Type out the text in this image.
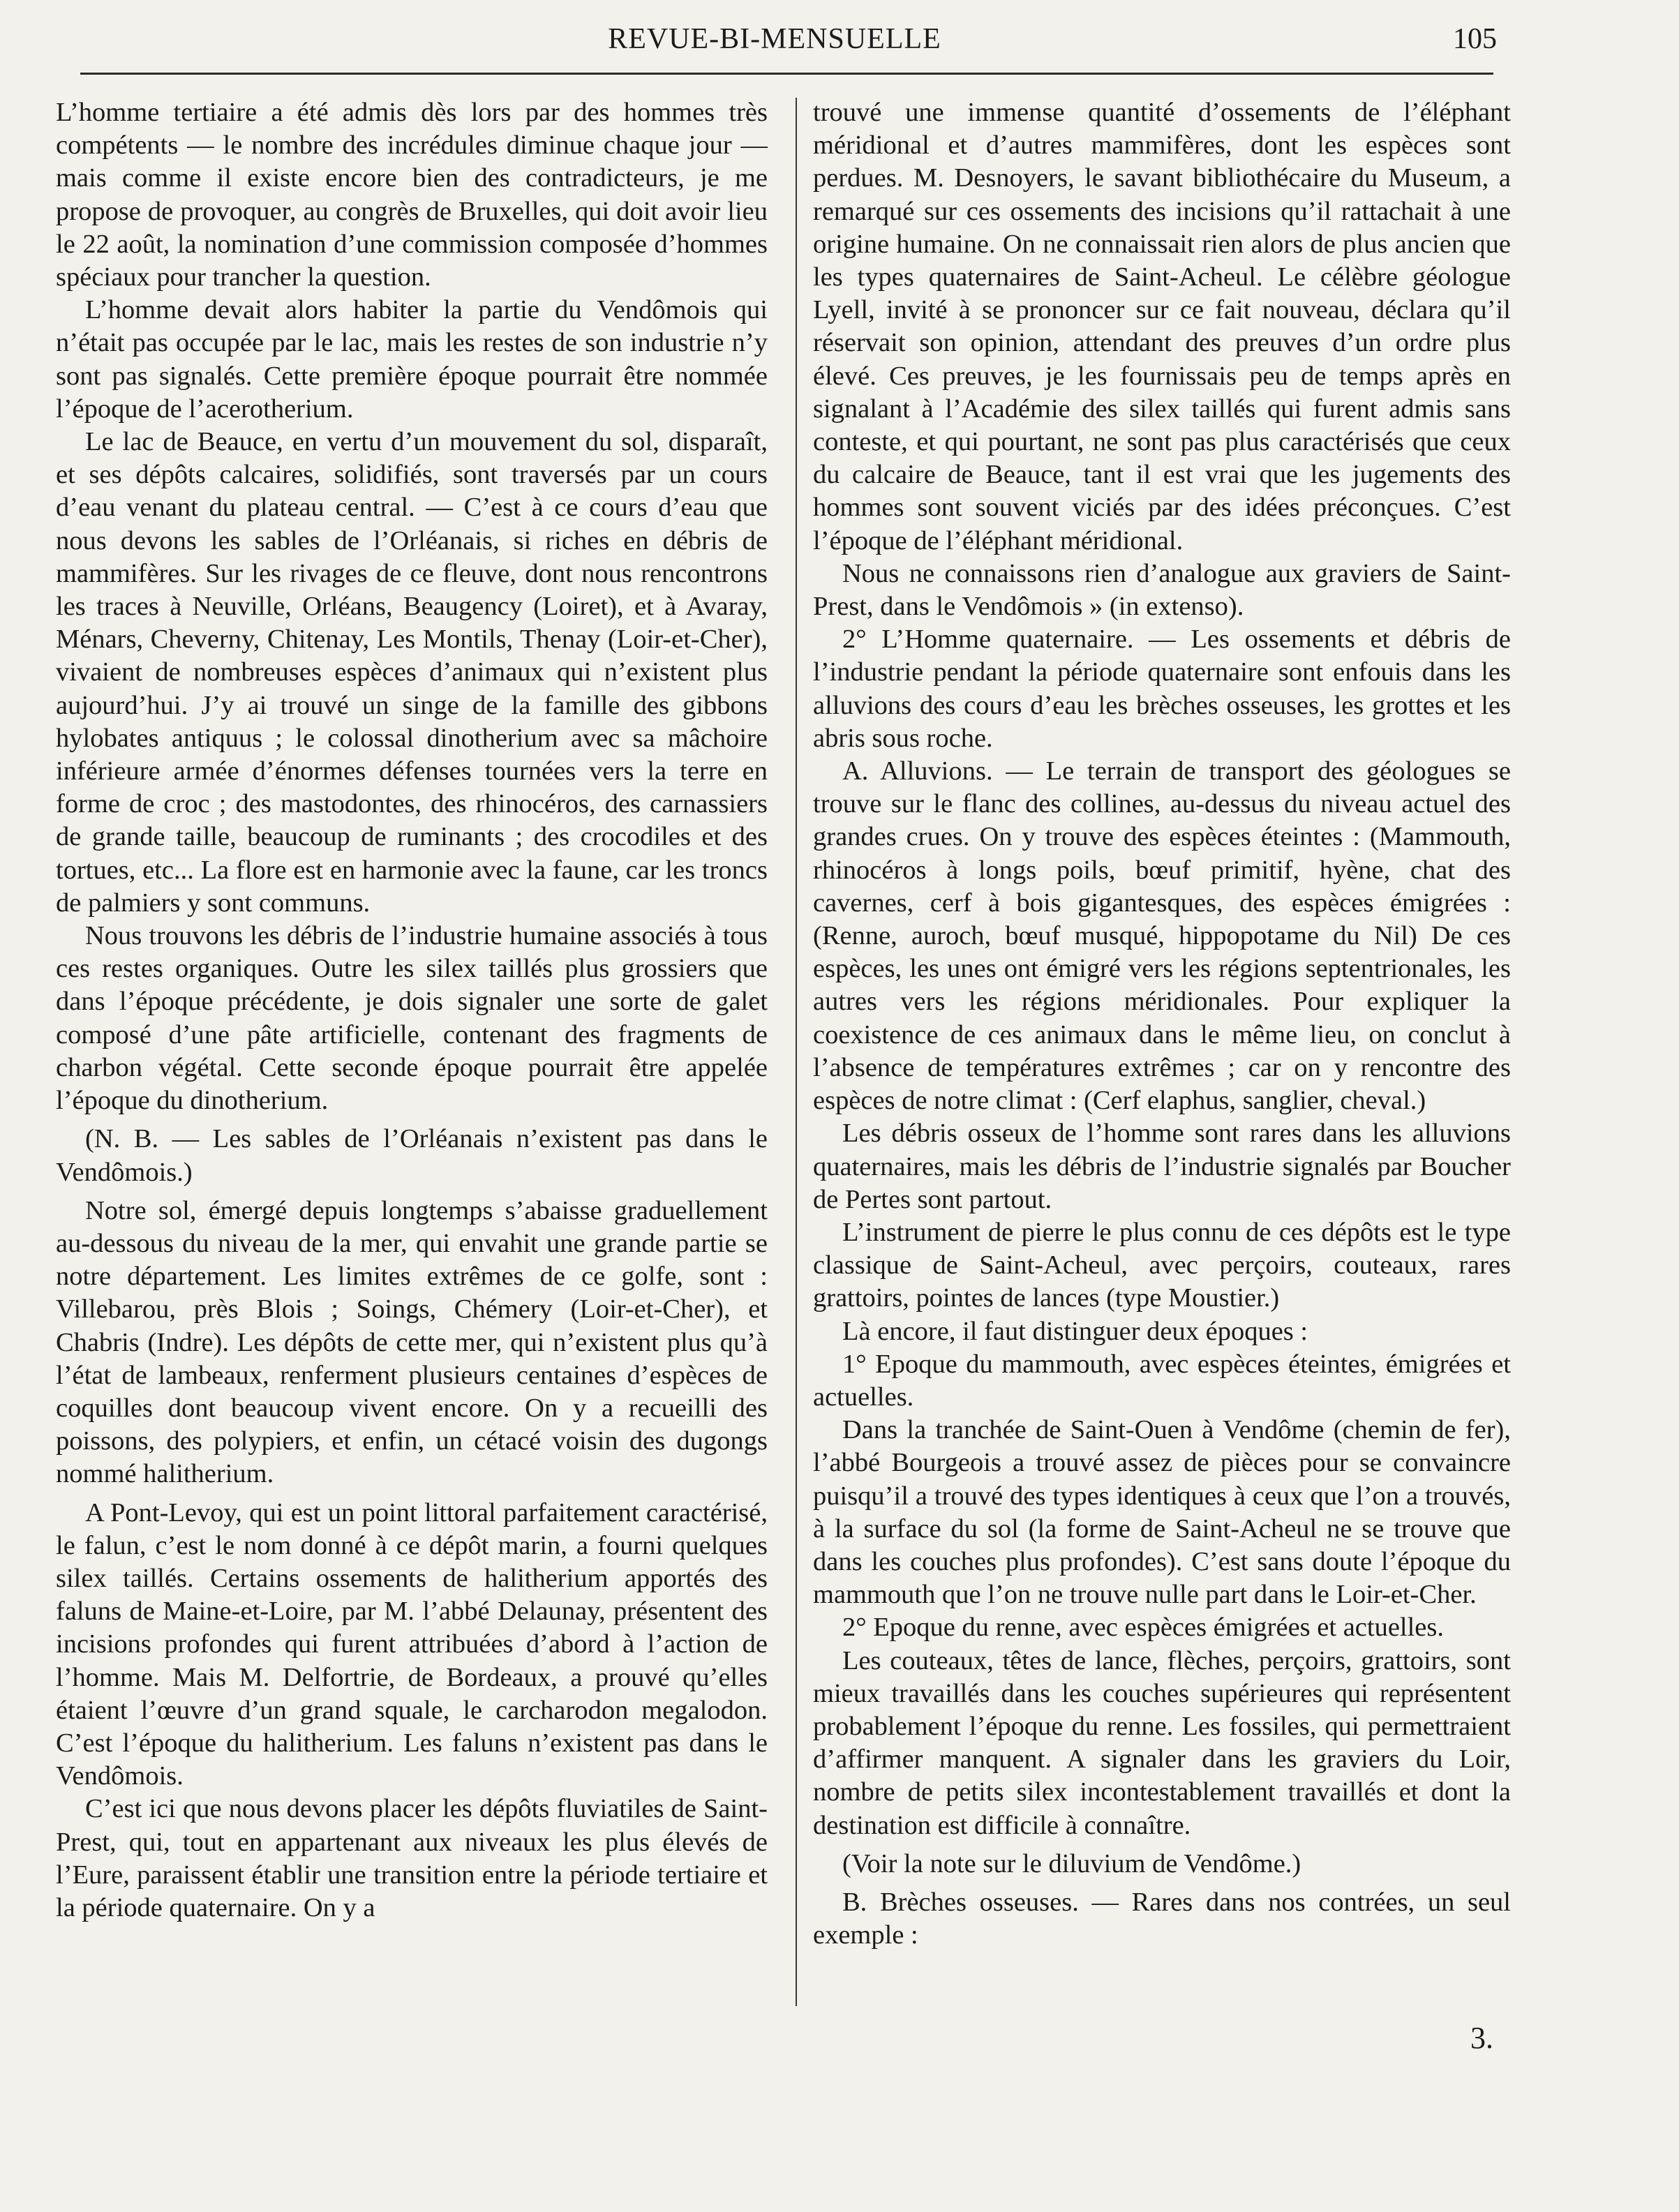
REVUE-BI-MENSUELLE	105

L’homme tertiaire a été admis dès lors par des hommes très compétents — le nombre des incrédules diminue chaque jour — mais comme il existe encore bien des contradicteurs, je me propose de provoquer, au congrès de Bruxelles, qui doit avoir lieu le 22 août, la nomination d’une commission composée d’hommes spéciaux pour trancher la question.

L’homme devait alors habiter la partie du Vendômois qui n’était pas occupée par le lac, mais les restes de son industrie n’y sont pas signalés. Cette première époque pourrait être nommée l’époque de l’acerotherium.

Le lac de Beauce, en vertu d’un mouvement du sol, disparaît, et ses dépôts calcaires, solidifiés, sont traversés par un cours d’eau venant du plateau central. — C’est à ce cours d’eau que nous devons les sables de l’Orléanais, si riches en débris de mammifères. Sur les rivages de ce fleuve, dont nous rencontrons les traces à Neuville, Orléans, Beaugency (Loiret), et à Avaray, Ménars, Cheverny, Chitenay, Les Montils, Thenay (Loir-et-Cher), vivaient de nombreuses espèces d’animaux qui n’existent plus aujourd’hui. J’y ai trouvé un singe de la famille des gibbons hylobates antiquus ; le colossal dinotherium avec sa mâchoire inférieure armée d’énormes défenses tournées vers la terre en forme de croc ; des mastodontes, des rhinocéros, des carnassiers de grande taille, beaucoup de ruminants ; des crocodiles et des tortues, etc... La flore est en harmonie avec la faune, car les troncs de palmiers y sont communs.

Nous trouvons les débris de l’industrie humaine associés à tous ces restes organiques. Outre les silex taillés plus grossiers que dans l’époque précédente, je dois signaler une sorte de galet composé d’une pâte artificielle, contenant des fragments de charbon végétal. Cette seconde époque pourrait être appelée l’époque du dinotherium.

(N. B. — Les sables de l’Orléanais n’existent pas dans le Vendômois.)

Notre sol, émergé depuis longtemps s’abaisse graduellement au-dessous du niveau de la mer, qui envahit une grande partie se notre département. Les limites extrêmes de ce golfe, sont : Villebarou, près Blois ; Soings, Chémery (Loir-et-Cher), et Chabris (Indre). Les dépôts de cette mer, qui n’existent plus qu’à l’état de lambeaux, renferment plusieurs centaines d’espèces de coquilles dont beaucoup vivent encore. On y a recueilli des poissons, des polypiers, et enfin, un cétacé voisin des dugongs nommé halitherium.

A Pont-Levoy, qui est un point littoral parfaitement caractérisé, le falun, c’est le nom donné à ce dépôt marin, a fourni quelques silex taillés. Certains ossements de halitherium apportés des faluns de Maine-et-Loire, par M. l’abbé Delaunay, présentent des incisions profondes qui furent attribuées d’abord à l’action de l’homme. Mais M. Delfortrie, de Bordeaux, a prouvé qu’elles étaient l’œuvre d’un grand squale, le carcharodon megalodon. C’est l’époque du halitherium. Les faluns n’existent pas dans le Vendômois.

C’est ici que nous devons placer les dépôts fluviatiles de Saint-Prest, qui, tout en appartenant aux niveaux les plus élevés de l’Eure, paraissent établir une transition entre la période tertiaire et la période quaternaire. On y a

trouvé une immense quantité d’ossements de l’éléphant méridional et d’autres mammifères, dont les espèces sont perdues. M. Desnoyers, le savant bibliothécaire du Museum, a remarqué sur ces ossements des incisions qu’il rattachait à une origine humaine. On ne connaissait rien alors de plus ancien que les types quaternaires de Saint-Acheul. Le célèbre géologue Lyell, invité à se prononcer sur ce fait nouveau, déclara qu’il réservait son opinion, attendant des preuves d’un ordre plus élevé. Ces preuves, je les fournissais peu de temps après en signalant à l’Académie des silex taillés qui furent admis sans conteste, et qui pourtant, ne sont pas plus caractérisés que ceux du calcaire de Beauce, tant il est vrai que les jugements des hommes sont souvent viciés par des idées préconçues. C’est l’époque de l’éléphant méridional.

Nous ne connaissons rien d’analogue aux graviers de Saint-Prest, dans le Vendômois » (in extenso).

2° L’Homme quaternaire. — Les ossements et débris de l’industrie pendant la période quaternaire sont enfouis dans les alluvions des cours d’eau les brèches osseuses, les grottes et les abris sous roche.

A. Alluvions. — Le terrain de transport des géologues se trouve sur le flanc des collines, au-dessus du niveau actuel des grandes crues. On y trouve des espèces éteintes : (Mammouth, rhinocéros à longs poils, bœuf primitif, hyène, chat des cavernes, cerf à bois gigantesques, des espèces émigrées : (Renne, auroch, bœuf musqué, hippopotame du Nil) De ces espèces, les unes ont émigré vers les régions septentrionales, les autres vers les régions méridionales. Pour expliquer la coexistence de ces animaux dans le même lieu, on conclut à l’absence de températures extrêmes ; car on y rencontre des espèces de notre climat : (Cerf elaphus, sanglier, cheval.)

Les débris osseux de l’homme sont rares dans les alluvions quaternaires, mais les débris de l’industrie signalés par Boucher de Pertes sont partout.

L’instrument de pierre le plus connu de ces dépôts est le type classique de Saint-Acheul, avec perçoirs, couteaux, rares grattoirs, pointes de lances (type Moustier.)

Là encore, il faut distinguer deux époques :

1° Epoque du mammouth, avec espèces éteintes, émigrées et actuelles.

Dans la tranchée de Saint-Ouen à Vendôme (chemin de fer), l’abbé Bourgeois a trouvé assez de pièces pour se convaincre puisqu’il a trouvé des types identiques à ceux que l’on a trouvés, à la surface du sol (la forme de Saint-Acheul ne se trouve que dans les couches plus profondes). C’est sans doute l’époque du mammouth que l’on ne trouve nulle part dans le Loir-et-Cher.

2° Epoque du renne, avec espèces émigrées et actuelles.

Les couteaux, têtes de lance, flèches, perçoirs, grattoirs, sont mieux travaillés dans les couches supérieures qui représentent probablement l’époque du renne. Les fossiles, qui permettraient d’affirmer manquent. A signaler dans les graviers du Loir, nombre de petits silex incontestablement travaillés et dont la destination est difficile à connaître.

(Voir la note sur le diluvium de Vendôme.)

B. Brèches osseuses. — Rares dans nos contrées, un seul exemple :

3.
